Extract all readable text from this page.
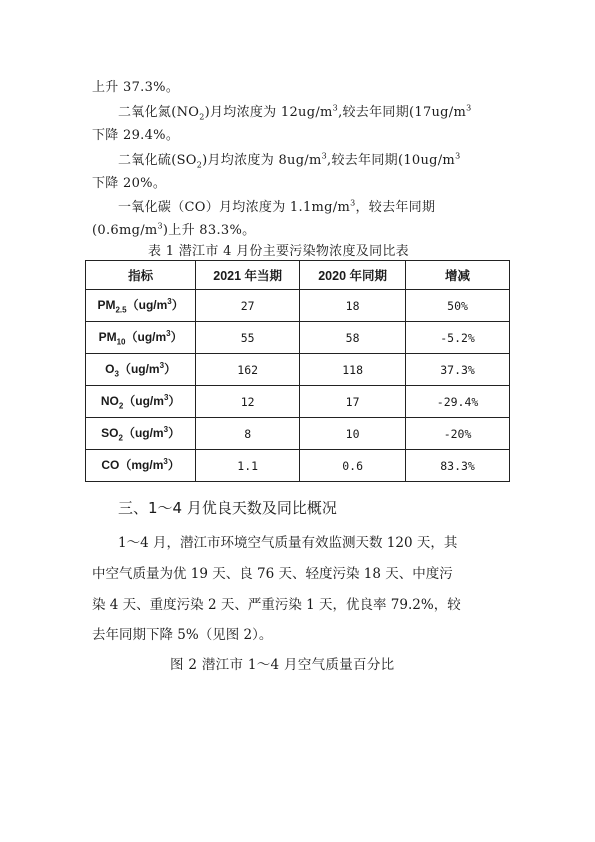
上升 37.3%。
二氧化氮$(NO_2)$月均浓度为 $12ug/m^3$,较去年同期($17ug/m^3$
下降 29.4%。
二氧化硫$(SO_2)$月均浓度为 $8ug/m^3$,较去年同期($10ug/m^3$
下降 20%。
一氧化碳（CO）月均浓度为 $1.1mg/m^3$，较去年同期
$(0.6mg/m^3)$上升 83.3%。
表 1 潜江市 4 月份主要污染物浓度及同比表
指标	2021 年当期	2020 年同期	增减
$PM_{2.5}(ug/m^3)$	27	18	50%
$PM_{10}(ug/m^3)$	55	58	-5.2%
$O_3(ug/m^3)$	162	118	37.3%
$NO_2(ug/m^3)$	12	17	-29.4%
$SO_2(ug/m^3)$	8	10	-20%
$CO(mg/m^3)$	1.1	0.6	83.3%
三、1～4 月优良天数及同比概况
1～4 月，潜江市环境空气质量有效监测天数 120 天，其
中空气质量为优 19 天、良 76 天、轻度污染 18 天、中度污
染 4 天、重度污染 2 天、严重污染 1 天，优良率 79.2%，较
去年同期下降 5%（见图 2）。
图 2 潜江市 1～4 月空气质量百分比
